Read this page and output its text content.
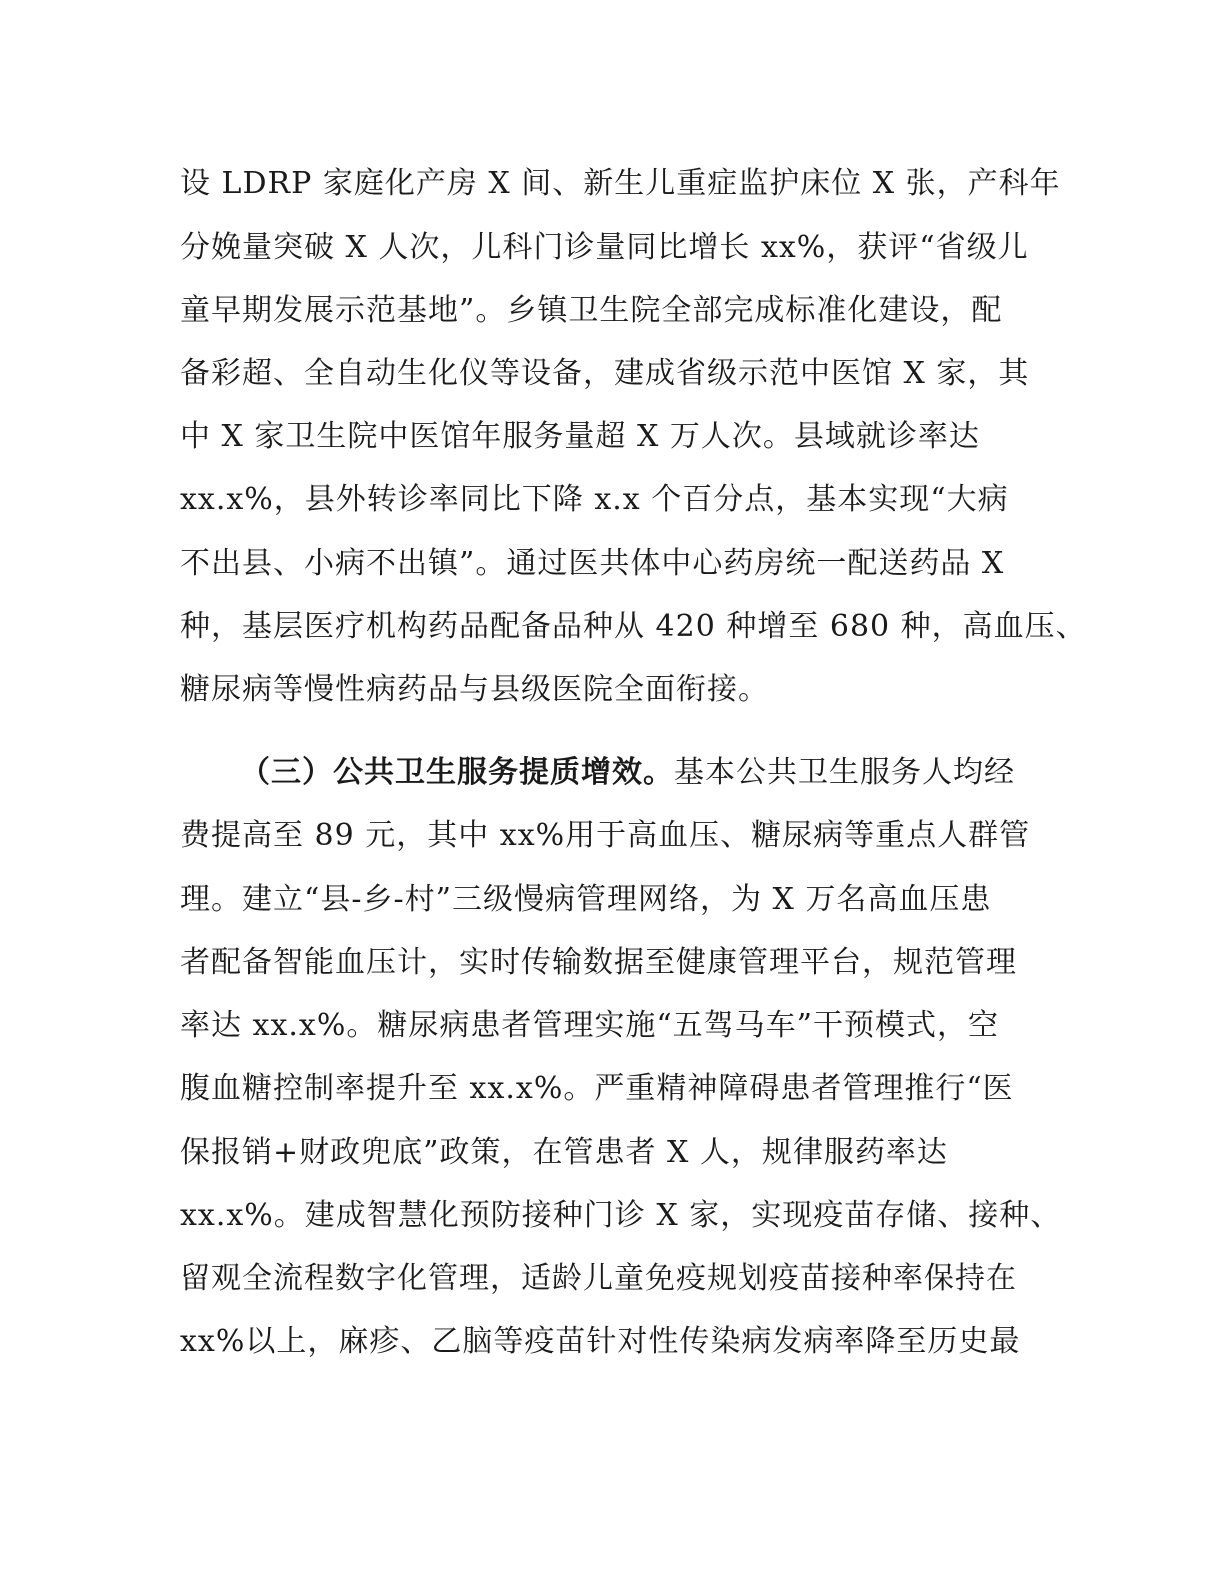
设 LDRP 家庭化产房 X 间、新生儿重症监护床位 X 张，产科年
分娩量突破 X 人次，儿科门诊量同比增长 xx%，获评“省级儿
童早期发展示范基地”。乡镇卫生院全部完成标准化建设，配
备彩超、全自动生化仪等设备，建成省级示范中医馆 X 家，其
中 X 家卫生院中医馆年服务量超 X 万人次。县域就诊率达
xx.x%，县外转诊率同比下降 x.x 个百分点，基本实现“大病
不出县、小病不出镇”。通过医共体中心药房统一配送药品 X
种，基层医疗机构药品配备品种从 420 种增至 680 种，高血压、
糖尿病等慢性病药品与县级医院全面衔接。
（三）公共卫生服务提质增效。基本公共卫生服务人均经
费提高至 89 元，其中 xx%用于高血压、糖尿病等重点人群管
理。建立“县-乡-村”三级慢病管理网络，为 X 万名高血压患
者配备智能血压计，实时传输数据至健康管理平台，规范管理
率达 xx.x%。糖尿病患者管理实施“五驾马车”干预模式，空
腹血糖控制率提升至 xx.x%。严重精神障碍患者管理推行“医
保报销+财政兜底”政策，在管患者 X 人，规律服药率达
xx.x%。建成智慧化预防接种门诊 X 家，实现疫苗存储、接种、
留观全流程数字化管理，适龄儿童免疫规划疫苗接种率保持在
xx%以上，麻疹、乙脑等疫苗针对性传染病发病率降至历史最
